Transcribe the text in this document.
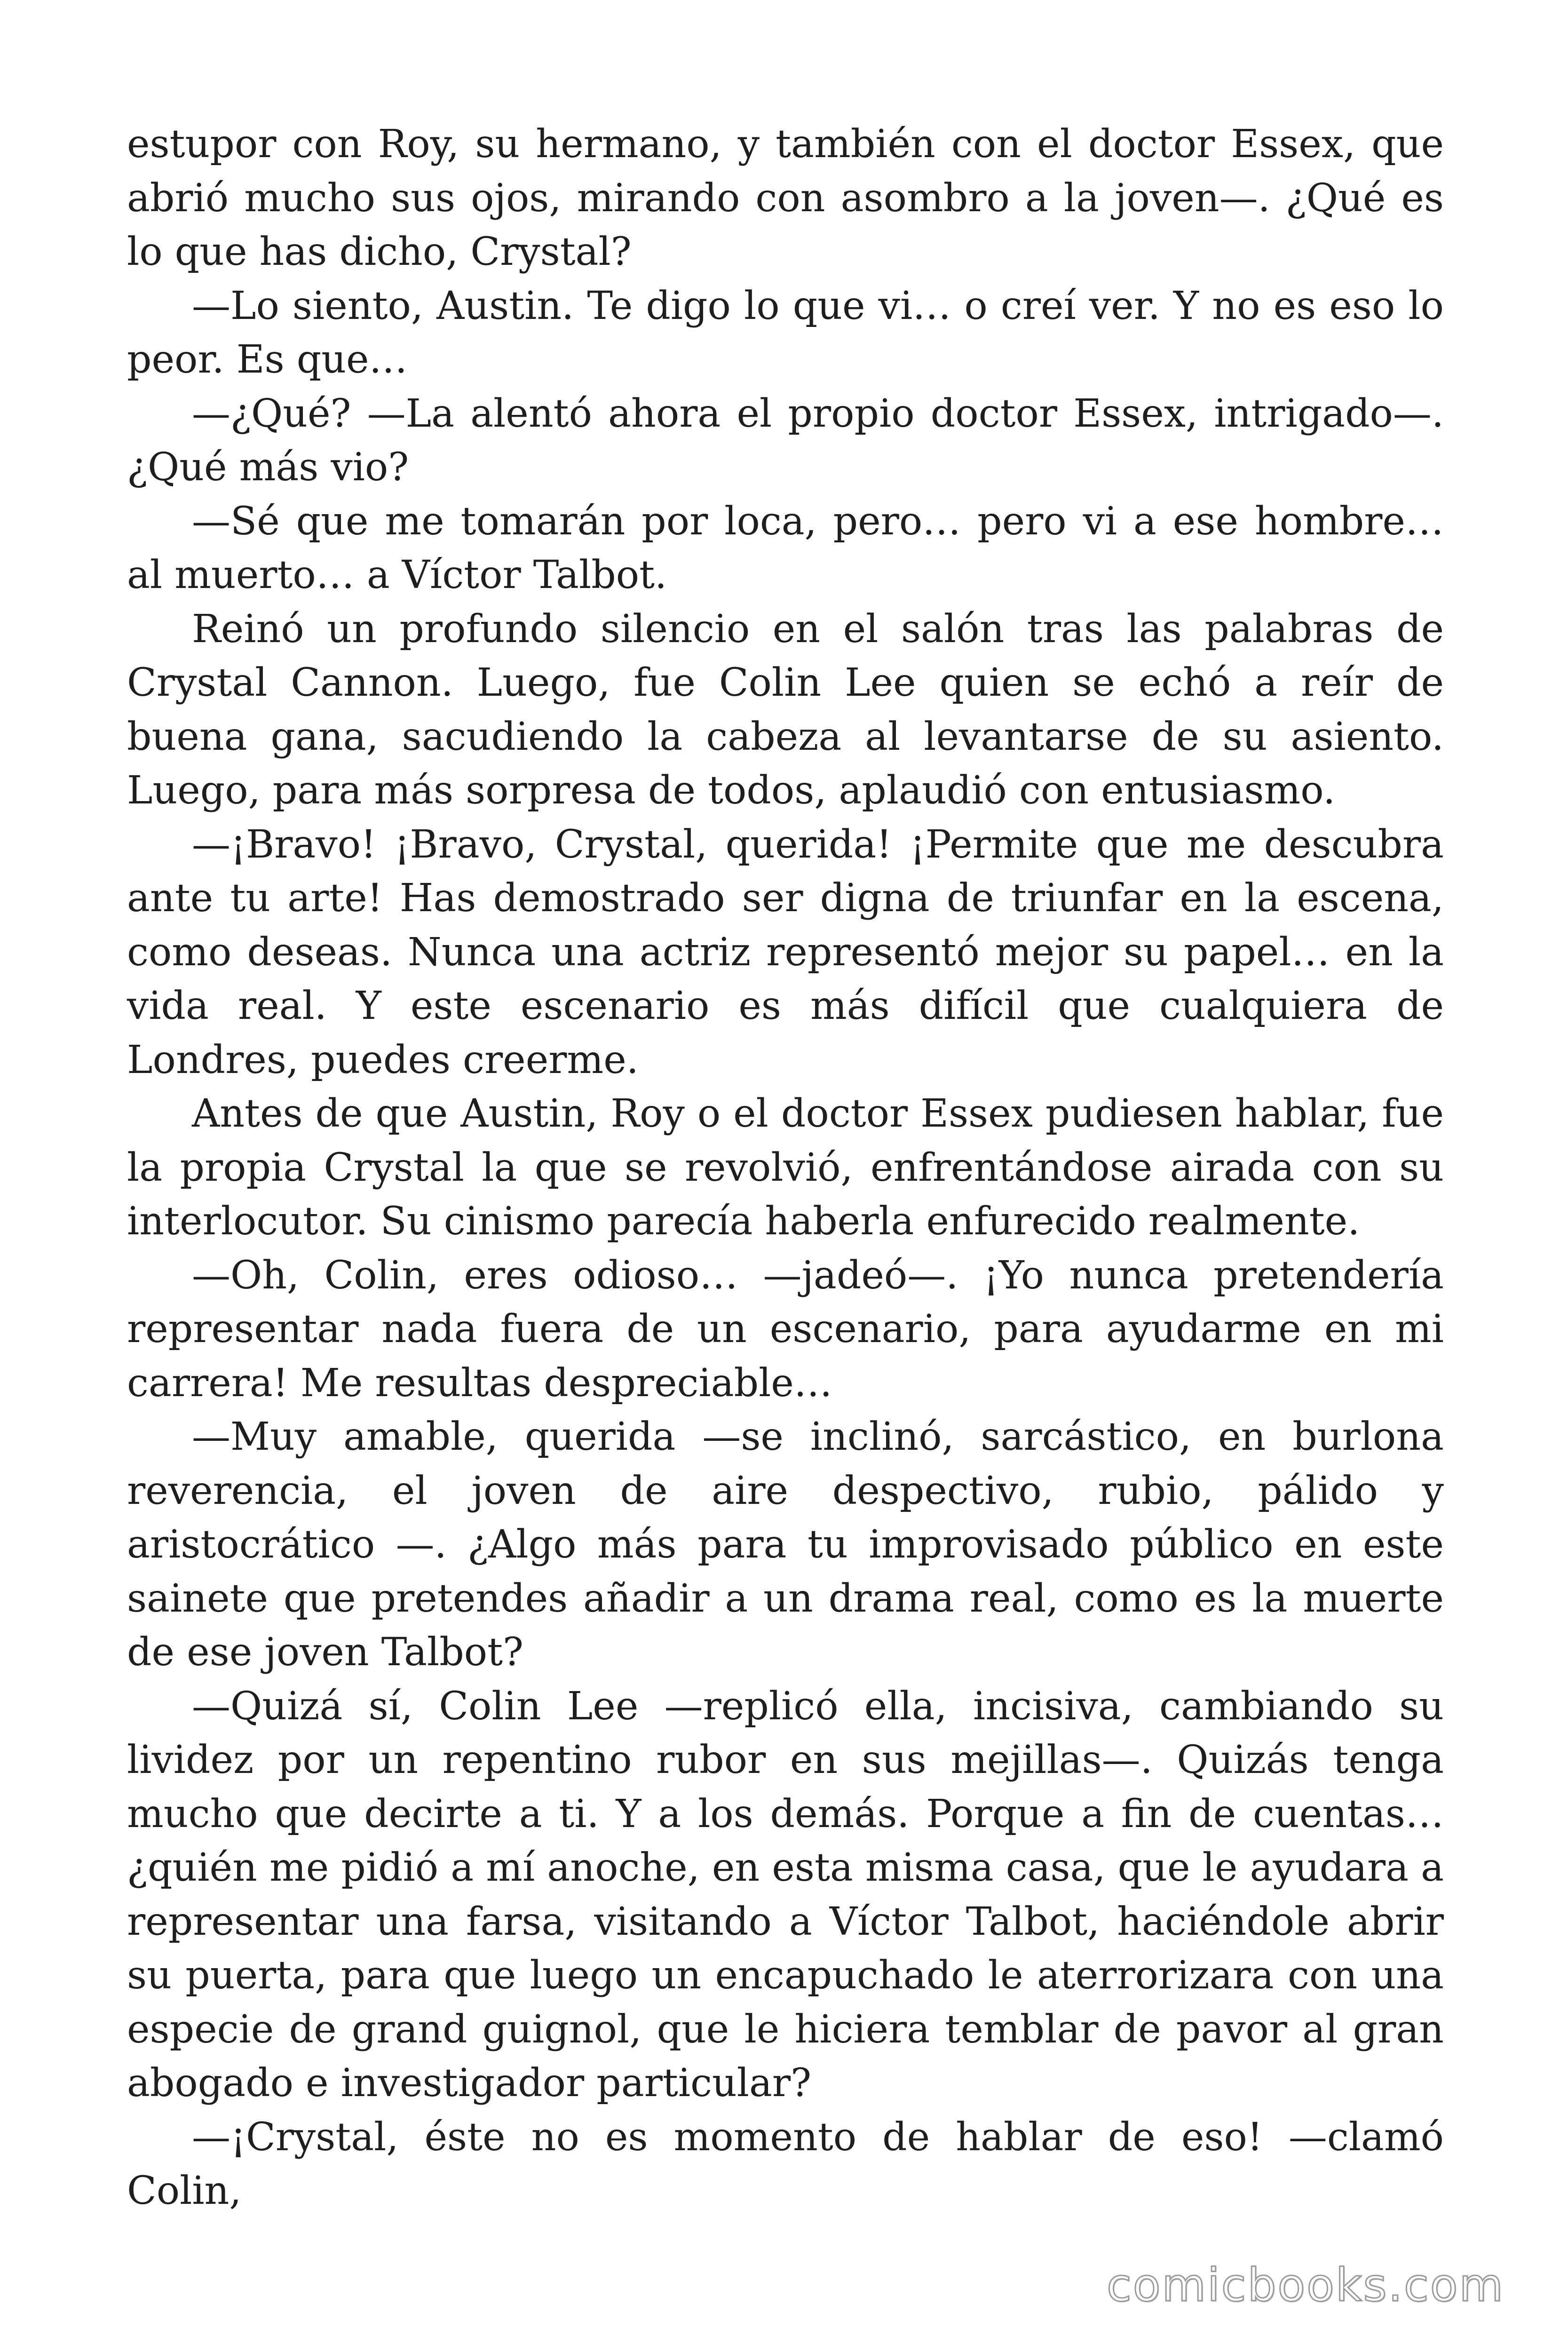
estupor con Roy, su hermano, y también con el doctor Essex, que abrió mucho sus ojos, mirando con asombro a la joven—. ¿Qué es lo que has dicho, Crystal?

—Lo siento, Austin. Te digo lo que vi… o creí ver. Y no es eso lo peor. Es que…

—¿Qué? —La alentó ahora el propio doctor Essex, intrigado—. ¿Qué más vio?

—Sé que me tomarán por loca, pero… pero vi a ese hombre… al muerto… a Víctor Talbot.

Reinó un profundo silencio en el salón tras las palabras de Crystal Cannon. Luego, fue Colin Lee quien se echó a reír de buena gana, sacudiendo la cabeza al levantarse de su asiento. Luego, para más sorpresa de todos, aplaudió con entusiasmo.

—¡Bravo! ¡Bravo, Crystal, querida! ¡Permite que me descubra ante tu arte! Has demostrado ser digna de triunfar en la escena, como deseas. Nunca una actriz representó mejor su papel… en la vida real. Y este escenario es más difícil que cualquiera de Londres, puedes creerme.

Antes de que Austin, Roy o el doctor Essex pudiesen hablar, fue la propia Crystal la que se revolvió, enfrentándose airada con su interlocutor. Su cinismo parecía haberla enfurecido realmente.

—Oh, Colin, eres odioso… —jadeó—. ¡Yo nunca pretendería representar nada fuera de un escenario, para ayudarme en mi carrera! Me resultas despreciable…

—Muy amable, querida —se inclinó, sarcástico, en burlona reverencia, el joven de aire despectivo, rubio, pálido y aristocrático —. ¿Algo más para tu improvisado público en este sainete que pretendes añadir a un drama real, como es la muerte de ese joven Talbot?

—Quizá sí, Colin Lee —replicó ella, incisiva, cambiando su lividez por un repentino rubor en sus mejillas—. Quizás tenga mucho que decirte a ti. Y a los demás. Porque a fin de cuentas… ¿quién me pidió a mí anoche, en esta misma casa, que le ayudara a representar una farsa, visitando a Víctor Talbot, haciéndole abrir su puerta, para que luego un encapuchado le aterrorizara con una especie de grand guignol, que le hiciera temblar de pavor al gran abogado e investigador particular?

—¡Crystal, éste no es momento de hablar de eso! —clamó Colin,

comicbooks.com
